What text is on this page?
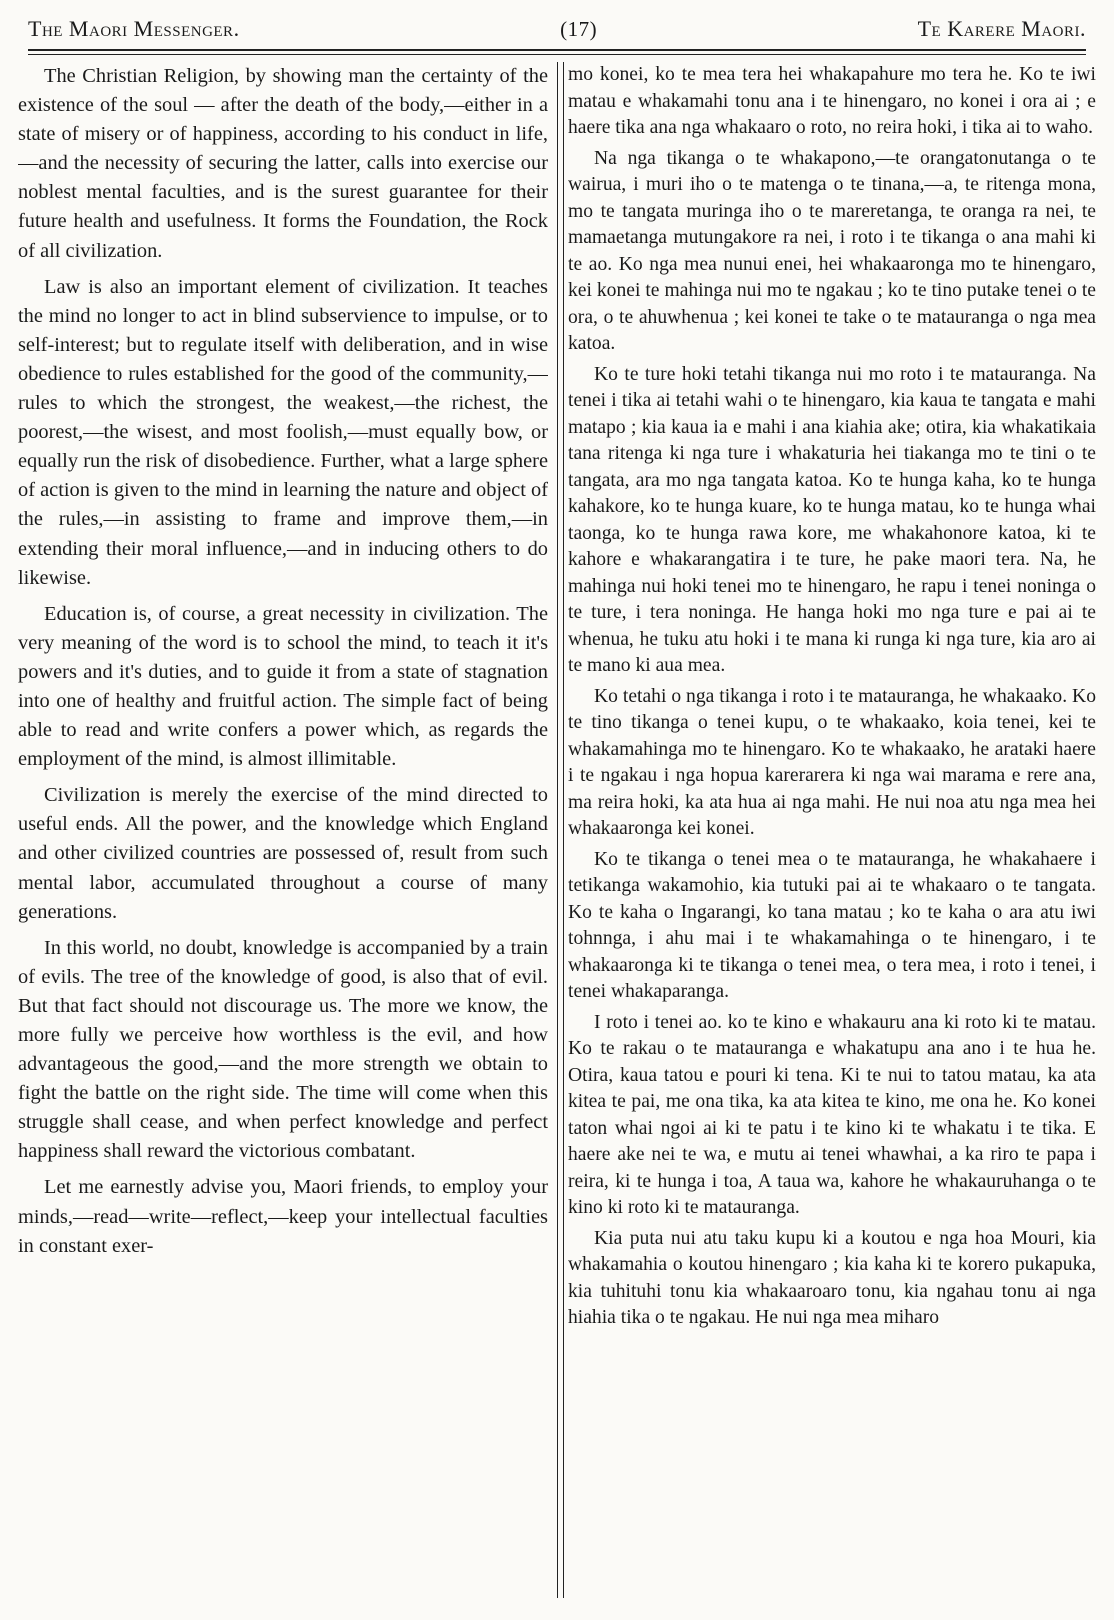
The Maori Messenger.	(17)	Te Karere Maori.

The Christian Religion, by showing man the certainty of the existence of the soul — after the death of the body,—either in a state of misery or of happiness, according to his conduct in life,—and the necessity of securing the latter, calls into exercise our noblest mental faculties, and is the surest guarantee for their future health and usefulness. It forms the Foundation, the Rock of all civilization.

Law is also an important element of civilization. It teaches the mind no longer to act in blind subservience to impulse, or to self-interest; but to regulate itself with deliberation, and in wise obedience to rules established for the good of the community,—rules to which the strongest, the weakest,—the richest, the poorest,—the wisest, and most foolish,—must equally bow, or equally run the risk of disobedience. Further, what a large sphere of action is given to the mind in learning the nature and object of the rules,—in assisting to frame and improve them,—in extending their moral influence,—and in inducing others to do likewise.

Education is, of course, a great necessity in civilization. The very meaning of the word is to school the mind, to teach it it's powers and it's duties, and to guide it from a state of stagnation into one of healthy and fruitful action. The simple fact of being able to read and write confers a power which, as regards the employment of the mind, is almost illimitable.

Civilization is merely the exercise of the mind directed to useful ends. All the power, and the knowledge which England and other civilized countries are possessed of, result from such mental labor, accumulated throughout a course of many generations.

In this world, no doubt, knowledge is accompanied by a train of evils. The tree of the knowledge of good, is also that of evil. But that fact should not discourage us. The more we know, the more fully we perceive how worthless is the evil, and how advantageous the good,—and the more strength we obtain to fight the battle on the right side. The time will come when this struggle shall cease, and when perfect knowledge and perfect happiness shall reward the victorious combatant.

Let me earnestly advise you, Maori friends, to employ your minds,—read—write—reflect,—keep your intellectual faculties in constant exer-

mo konei, ko te mea tera hei whakapahure mo tera he. Ko te iwi matau e whakamahi tonu ana i te hinengaro, no konei i ora ai ; e haere tika ana nga whakaaro o roto, no reira hoki, i tika ai to waho.

Na nga tikanga o te whakapono,—te orangatonutanga o te wairua, i muri iho o te matenga o te tinana,—a, te ritenga mona, mo te tangata muringa iho o te mareretanga, te oranga ra nei, te mamaetanga mutungakore ra nei, i roto i te tikanga o ana mahi ki te ao. Ko nga mea nunui enei, hei whakaaronga mo te hinengaro, kei konei te mahinga nui mo te ngakau ; ko te tino putake tenei o te ora, o te ahuwhenua ; kei konei te take o te matauranga o nga mea katoa.

Ko te ture hoki tetahi tikanga nui mo roto i te matauranga. Na tenei i tika ai tetahi wahi o te hinengaro, kia kaua te tangata e mahi matapo ; kia kaua ia e mahi i ana kiahia ake; otira, kia whakatikaia tana ritenga ki nga ture i whakaturia hei tiakanga mo te tini o te tangata, ara mo nga tangata katoa. Ko te hunga kaha, ko te hunga kahakore, ko te hunga kuare, ko te hunga matau, ko te hunga whai taonga, ko te hunga rawa kore, me whakahonore katoa, ki te kahore e whakarangatira i te ture, he pake maori tera. Na, he mahinga nui hoki tenei mo te hinengaro, he rapu i tenei noninga o te ture, i tera noninga. He hanga hoki mo nga ture e pai ai te whenua, he tuku atu hoki i te mana ki runga ki nga ture, kia aro ai te mano ki aua mea.

Ko tetahi o nga tikanga i roto i te matauranga, he whakaako. Ko te tino tikanga o tenei kupu, o te whakaako, koia tenei, kei te whakamahinga mo te hinengaro. Ko te whakaako, he arataki haere i te ngakau i nga hopua karerarera ki nga wai marama e rere ana, ma reira hoki, ka ata hua ai nga mahi. He nui noa atu nga mea hei whakaaronga kei konei.

Ko te tikanga o tenei mea o te matauranga, he whakahaere i tetikanga wakamohio, kia tutuki pai ai te whakaaro o te tangata. Ko te kaha o Ingarangi, ko tana matau ; ko te kaha o ara atu iwi tohnnga, i ahu mai i te whakamahinga o te hinengaro, i te whakaaronga ki te tikanga o tenei mea, o tera mea, i roto i tenei, i tenei whakaparanga.

I roto i tenei ao. ko te kino e whakauru ana ki roto ki te matau. Ko te rakau o te matauranga e whakatupu ana ano i te hua he. Otira, kaua tatou e pouri ki tena. Ki te nui to tatou matau, ka ata kitea te pai, me ona tika, ka ata kitea te kino, me ona he. Ko konei taton whai ngoi ai ki te patu i te kino ki te whakatu i te tika. E haere ake nei te wa, e mutu ai tenei whawhai, a ka riro te papa i reira, ki te hunga i toa, A taua wa, kahore he whakauruhanga o te kino ki roto ki te matauranga.

Kia puta nui atu taku kupu ki a koutou e nga hoa Mouri, kia whakamahia o koutou hinengaro ; kia kaha ki te korero pukapuka, kia tuhituhi tonu kia whakaaroaro tonu, kia ngahau tonu ai nga hiahia tika o te ngakau. He nui nga mea miharo
